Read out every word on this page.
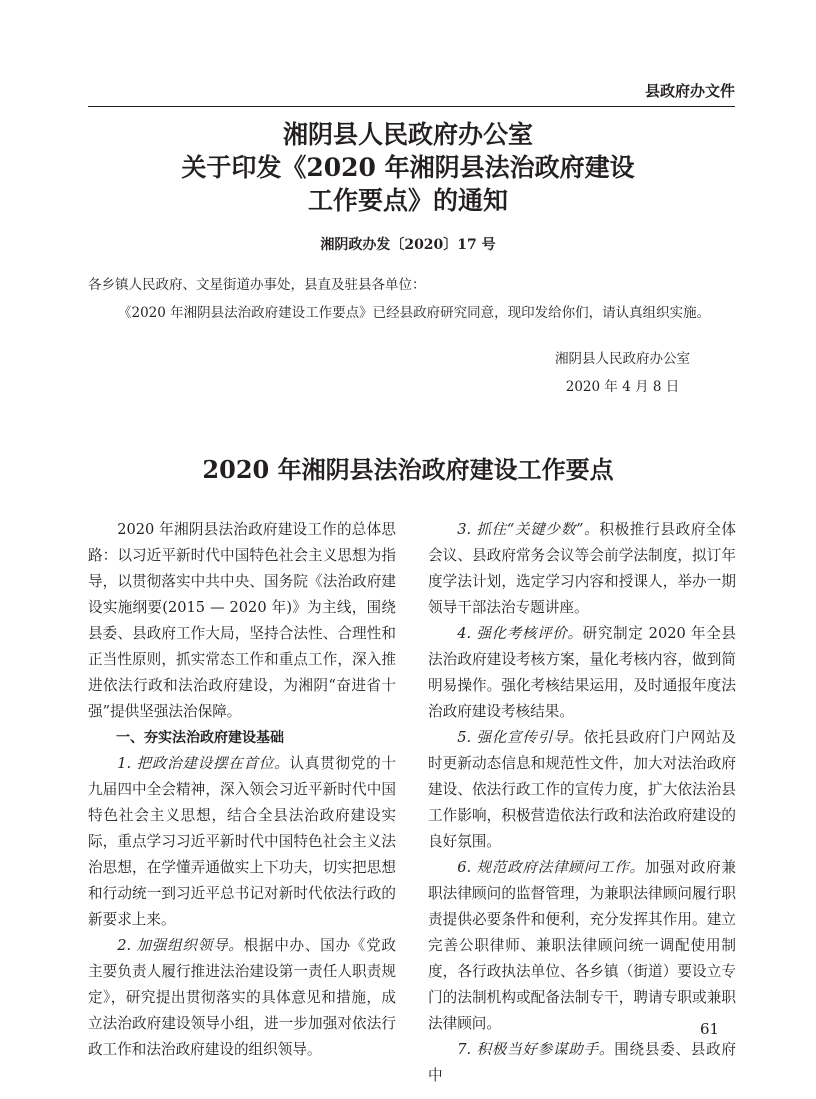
县政府办文件
湘阴县人民政府办公室
关于印发《2020 年湘阴县法治政府建设
工作要点》的通知
湘阴政办发〔2020〕17 号
各乡镇人民政府、文星街道办事处，县直及驻县各单位：
《2020 年湘阴县法治政府建设工作要点》已经县政府研究同意，现印发给你们，请认真组织实施。
湘阴县人民政府办公室
2020 年 4 月 8 日
2020 年湘阴县法治政府建设工作要点

2020 年湘阴县法治政府建设工作的总体思路：以习近平新时代中国特色社会主义思想为指导，以贯彻落实中共中央、国务院《法治政府建设实施纲要(2015 — 2020 年)》为主线，围绕县委、县政府工作大局，坚持合法性、合理性和正当性原则，抓实常态工作和重点工作，深入推进依法行政和法治政府建设，为湘阴“奋进省十强”提供坚强法治保障。

一、夯实法治政府建设基础

1. 把政治建设摆在首位。认真贯彻党的十九届四中全会精神，深入领会习近平新时代中国特色社会主义思想，结合全县法治政府建设实际，重点学习习近平新时代中国特色社会主义法治思想，在学懂弄通做实上下功夫，切实把思想和行动统一到习近平总书记对新时代依法行政的新要求上来。

2. 加强组织领导。根据中办、国办《党政主要负责人履行推进法治建设第一责任人职责规定》，研究提出贯彻落实的具体意见和措施，成立法治政府建设领导小组，进一步加强对依法行政工作和法治政府建设的组织领导。

3. 抓住“关键少数”。积极推行县政府全体会议、县政府常务会议等会前学法制度，拟订年度学法计划，选定学习内容和授课人，举办一期领导干部法治专题讲座。

4. 强化考核评价。研究制定 2020 年全县法治政府建设考核方案，量化考核内容，做到简明易操作。强化考核结果运用，及时通报年度法治政府建设考核结果。

5. 强化宣传引导。依托县政府门户网站及时更新动态信息和规范性文件，加大对法治政府建设、依法行政工作的宣传力度，扩大依法治县工作影响，积极营造依法行政和法治政府建设的良好氛围。

6. 规范政府法律顾问工作。加强对政府兼职法律顾问的监督管理，为兼职法律顾问履行职责提供必要条件和便利，充分发挥其作用。建立完善公职律师、兼职法律顾问统一调配使用制度，各行政执法单位、各乡镇（街道）要设立专门的法制机构或配备法制专干，聘请专职或兼职法律顾问。

7. 积极当好参谋助手。围绕县委、县政府中

61
